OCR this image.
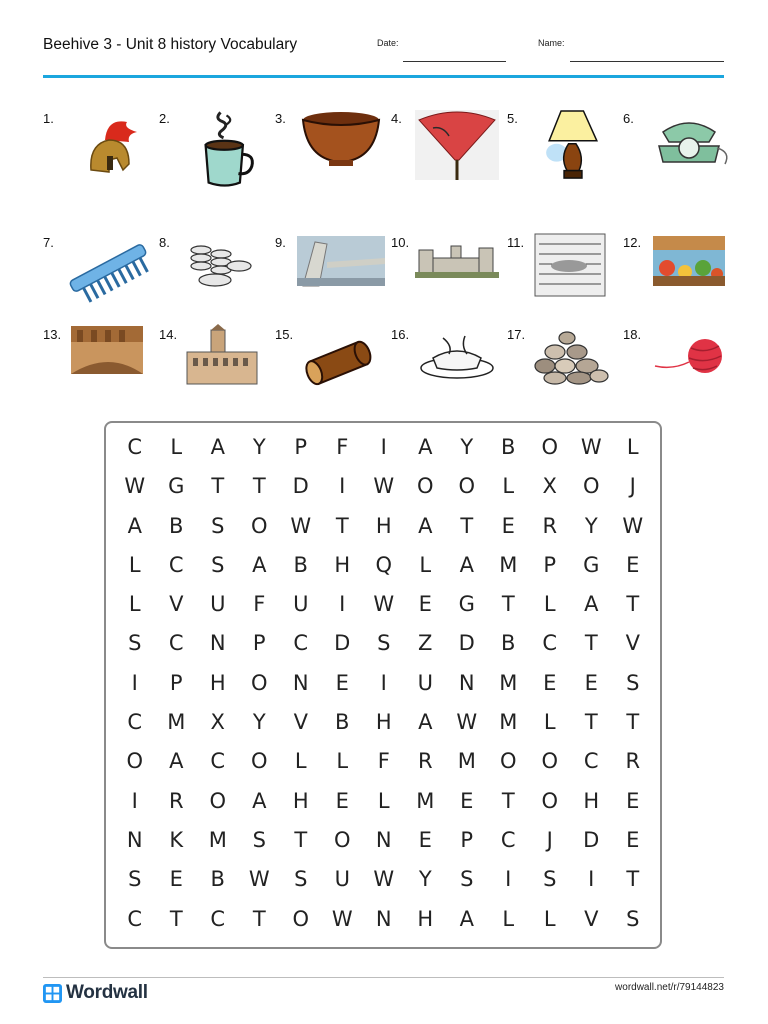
Beehive 3 - Unit 8 history Vocabulary	Date:	Name:
1.	2.	3.	4.	5.	6.
7.	8.	9.	10.	11.	12.
13.	14.	15.	16.	17.	18.
C	L	A	Y	P	F	I	A	Y	B	O	W	L
W	G	T	T	D	I	W	O	O	L	X	O	J
A	B	S	O	W	T	H	A	T	E	R	Y	W
L	C	S	A	B	H	Q	L	A	M	P	G	E
L	V	U	F	U	I	W	E	G	T	L	A	T
S	C	N	P	C	D	S	Z	D	B	C	T	V
I	P	H	O	N	E	I	U	N	M	E	E	S
C	M	X	Y	V	B	H	A	W	M	L	T	T
O	A	C	O	L	L	F	R	M	O	O	C	R
I	R	O	A	H	E	L	M	E	T	O	H	E
N	K	M	S	T	O	N	E	P	C	J	D	E
S	E	B	W	S	U	W	Y	S	I	S	I	T
C	T	C	T	O	W	N	H	A	L	L	V	S
Wordwall	wordwall.net/r/79144823
